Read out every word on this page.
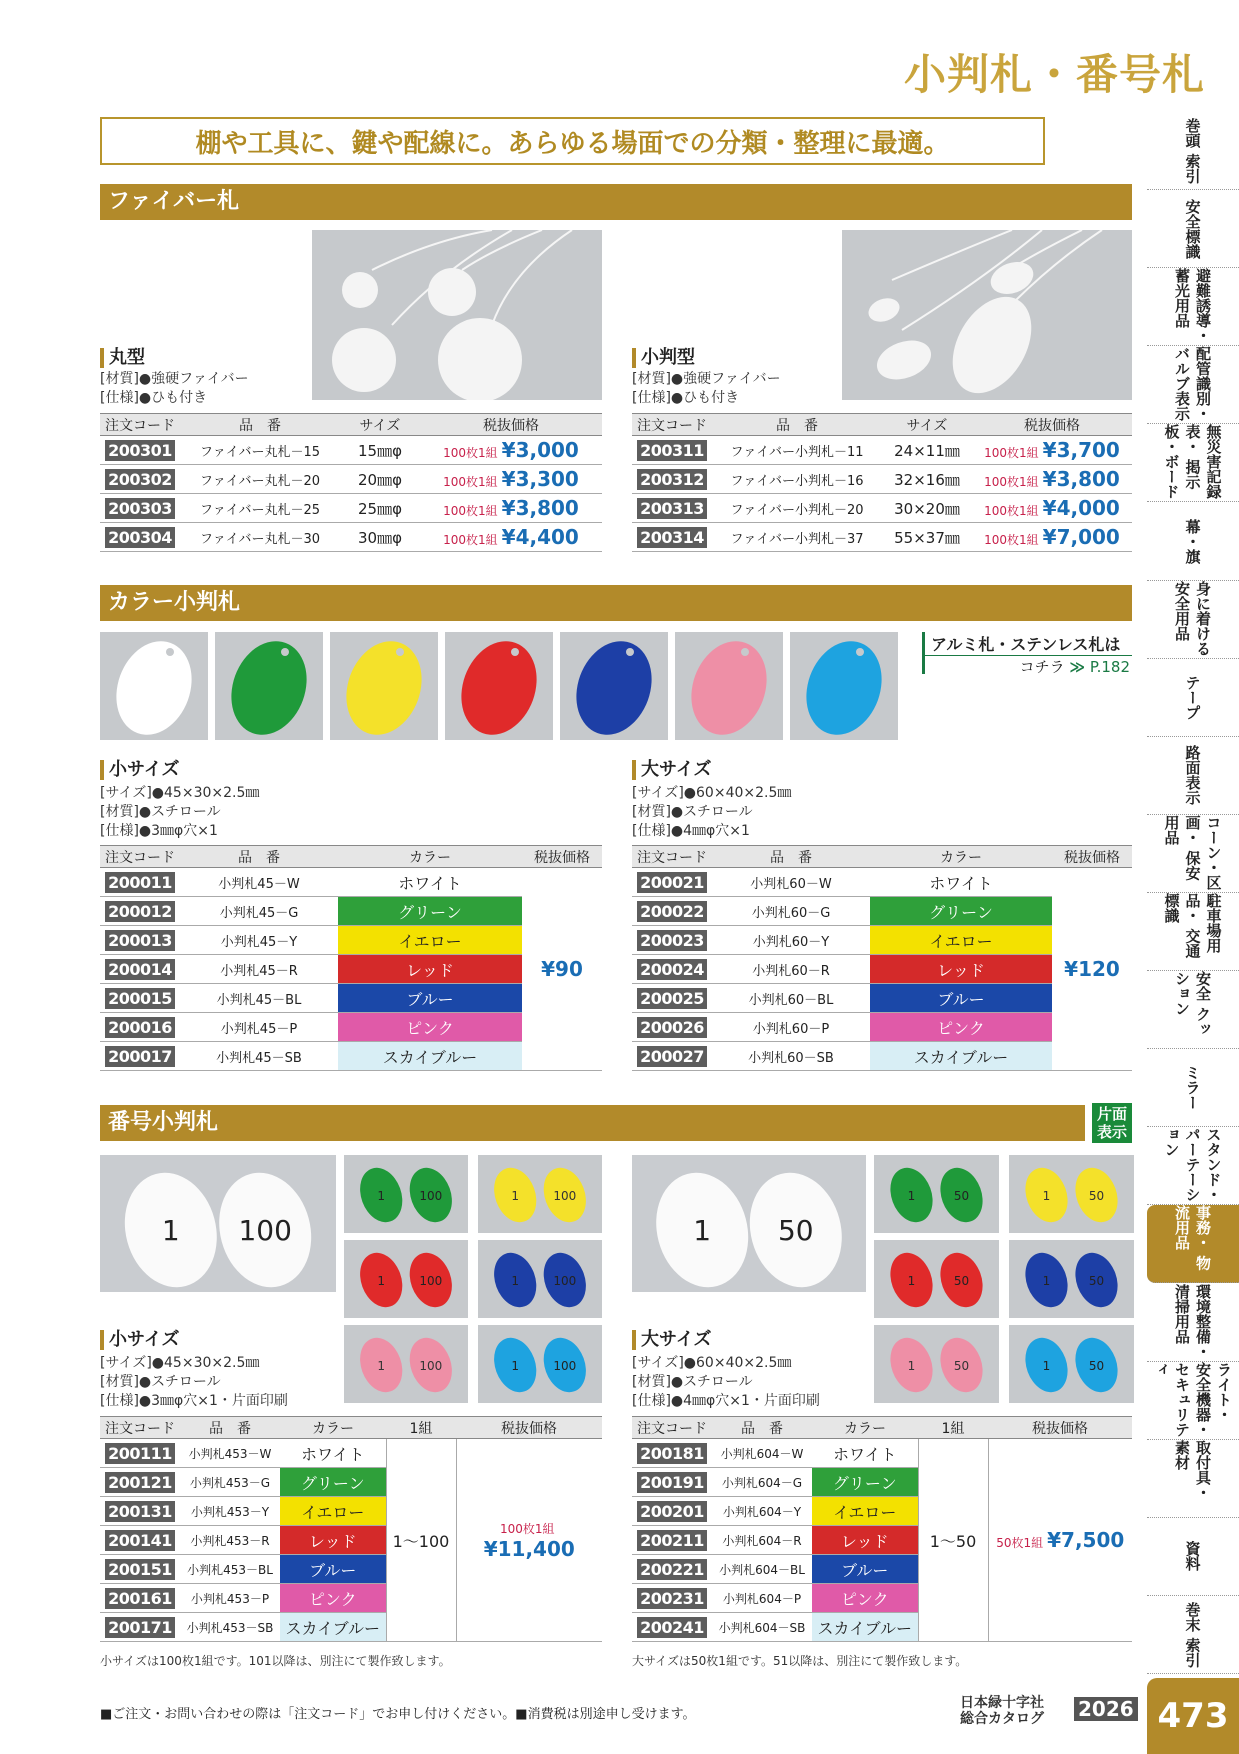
小判札・番号札
棚や工具に、鍵や配線に。あらゆる場面での分類・整理に最適。
ファイバー札
丸型
[材質]●強硬ファイバー
[仕様]●ひも付き
小判型
[材質]●強硬ファイバー
[仕様]●ひも付き
注文コード	品　番	サイズ	税抜価格
200301	ファイバー丸札－15	15㎜φ	100枚1組 ¥3,000
200302	ファイバー丸札－20	20㎜φ	100枚1組 ¥3,300
200303	ファイバー丸札－25	25㎜φ	100枚1組 ¥3,800
200304	ファイバー丸札－30	30㎜φ	100枚1組 ¥4,400
注文コード	品　番	サイズ	税抜価格
200311	ファイバー小判札－11	24×11㎜	100枚1組 ¥3,700
200312	ファイバー小判札－16	32×16㎜	100枚1組 ¥3,800
200313	ファイバー小判札－20	30×20㎜	100枚1組 ¥4,000
200314	ファイバー小判札－37	55×37㎜	100枚1組 ¥7,000
カラー小判札
アルミ札・ステンレス札は
コチラ ≫ P.182
小サイズ
[サイズ]●45×30×2.5㎜
[材質]●スチロール
[仕様]●3㎜φ穴×1
大サイズ
[サイズ]●60×40×2.5㎜
[材質]●スチロール
[仕様]●4㎜φ穴×1
注文コード	品　番	カラー	税抜価格
200011	小判札45－W	ホワイト	¥90
200012	小判札45－G	グリーン	
200013	小判札45－Y	イエロー	
200014	小判札45－R	レッド	
200015	小判札45－BL	ブルー	
200016	小判札45－P	ピンク	
200017	小判札45－SB	スカイブルー	
注文コード	品　番	カラー	税抜価格
200021	小判札60－W	ホワイト	¥120
200022	小判札60－G	グリーン	
200023	小判札60－Y	イエロー	
200024	小判札60－R	レッド	
200025	小判札60－BL	ブルー	
200026	小判札60－P	ピンク	
200027	小判札60－SB	スカイブルー	
番号小判札	片面表示
1 100
1	100	1	100
1	100	1	100
1	100	1	100
1 50
1	50	1	50
1	50	1	50
1	50	1	50
小サイズ
[サイズ]●45×30×2.5㎜
[材質]●スチロール
[仕様]●3㎜φ穴×1・片面印刷
大サイズ
[サイズ]●60×40×2.5㎜
[材質]●スチロール
[仕様]●4㎜φ穴×1・片面印刷
注文コード	品　番	カラー	1組	税抜価格
200111	小判札453－W	ホワイト	1～100	100枚1組¥11,400
200121	小判札453－G	グリーン		
200131	小判札453－Y	イエロー		
200141	小判札453－R	レッド		
200151	小判札453－BL	ブルー		
200161	小判札453－P	ピンク		
200171	小判札453－SB	スカイブルー		
注文コード	品　番	カラー	1組	税抜価格
200181	小判札604－W	ホワイト	1～50	50枚1組 ¥7,500
200191	小判札604－G	グリーン		
200201	小判札604－Y	イエロー		
200211	小判札604－R	レッド		
200221	小判札604－BL	ブルー		
200231	小判札604－P	ピンク		
200241	小判札604－SB	スカイブルー		
小サイズは100枚1組です。101以降は、別注にて製作致します。	大サイズは50枚1組です。51以降は、別注にて製作致します。
■ご注文・お問い合わせの際は「注文コード」でお申し付けください。■消費税は別途申し受けます。
日本緑十字社
総合カタログ 2026
巻頭 索引
安全標識
避難誘導・ 蓄光用品
配管識別・ バルブ表示
無災害記録表・ 掲示板・ボード
幕・旗
身に着ける 安全用品
テープ
路面表示
コーン・区画・ 保安用品
駐車場用品・ 交通標識
安全 クッション
ミラー
スタンド・ パーテーション
事務・ 物流用品
環境整備・ 清掃用品
ライト・ 安全機器・ セキュリティ
取付具・ 素材
資料
巻末 索引
473
